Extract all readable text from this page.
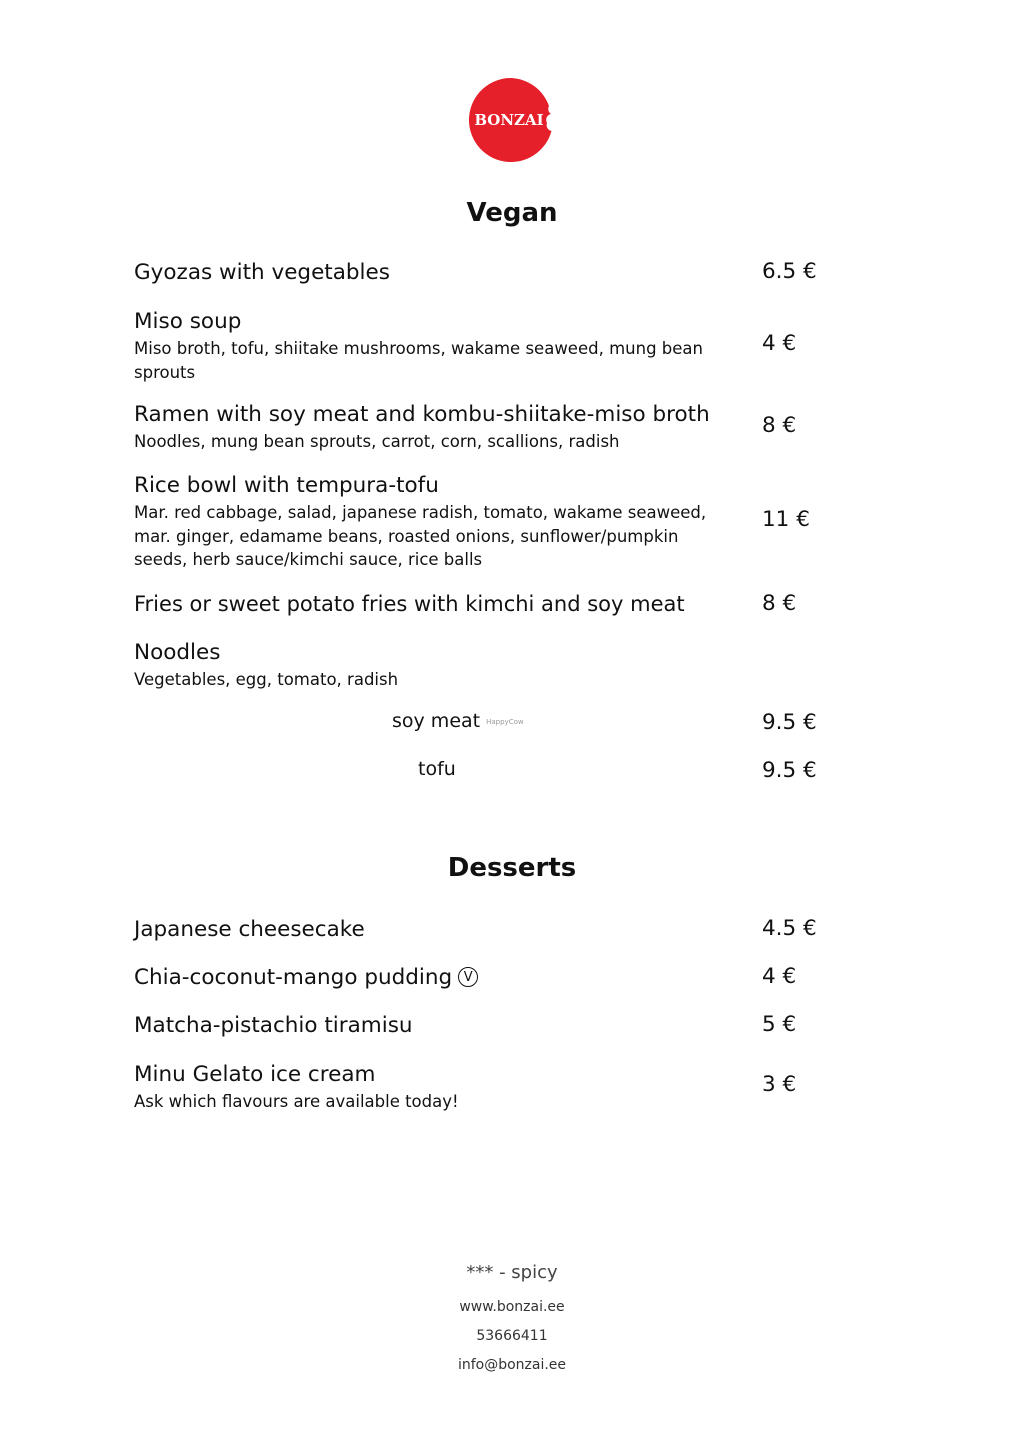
BONZAI
Vegan
Gyozas with vegetables	6.5 €
Miso soup
Miso broth, tofu, shiitake mushrooms, wakame seaweed, mung bean sprouts
4 €
Ramen with soy meat and kombu-shiitake-miso broth
Noodles, mung bean sprouts, carrot, corn, scallions, radish
8 €
Rice bowl with tempura-tofu
Mar. red cabbage, salad, japanese radish, tomato, wakame seaweed, mar. ginger, edamame beans, roasted onions, sunflower/pumpkin seeds, herb sauce/kimchi sauce, rice balls
11 €
Fries or sweet potato fries with kimchi and soy meat	8 €
Noodles
Vegetables, egg, tomato, radish
soy meat HappyCow	9.5 €
tofu	9.5 €
Desserts
Japanese cheesecake	4.5 €
Chia-coconut-mango pudding V	4 €
Matcha-pistachio tiramisu	5 €
Minu Gelato ice cream
Ask which flavours are available today!
3 €
*** - spicy
www.bonzai.ee
53666411
info@bonzai.ee
